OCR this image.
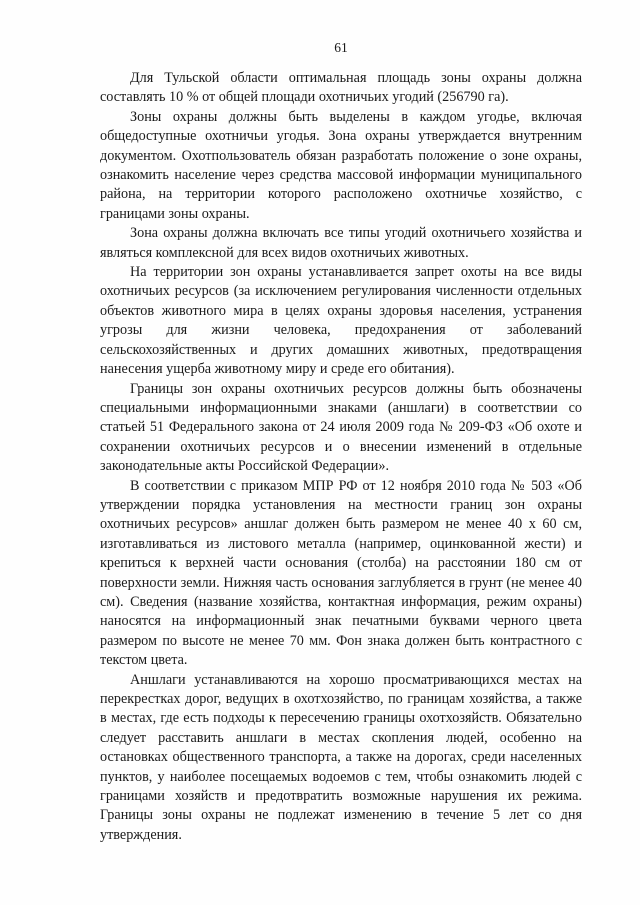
61

Для Тульской области оптимальная площадь зоны охраны должна составлять 10 % от общей площади охотничьих угодий (256790 га).

Зоны охраны должны быть выделены в каждом угодье, включая общедоступные охотничьи угодья. Зона охраны утверждается внутренним документом. Охотпользователь обязан разработать положение о зоне охраны, ознакомить население через средства массовой информации муниципального района, на территории которого расположено охотничье хозяйство, с границами зоны охраны.

Зона охраны должна включать все типы угодий охотничьего хозяйства и являться комплексной для всех видов охотничьих животных.

На территории зон охраны устанавливается запрет охоты на все виды охотничьих ресурсов (за исключением регулирования численности отдельных объектов животного мира в целях охраны здоровья населения, устранения угрозы для жизни человека, предохранения от заболеваний сельскохозяйственных и других домашних животных, предотвращения нанесения ущерба животному миру и среде его обитания).

Границы зон охраны охотничьих ресурсов должны быть обозначены специальными информационными знаками (аншлаги) в соответствии со статьей 51 Федерального закона от 24 июля 2009 года № 209-ФЗ «Об охоте и сохранении охотничьих ресурсов и о внесении изменений в отдельные законодательные акты Российской Федерации».

В соответствии с приказом МПР РФ от 12 ноября 2010 года № 503 «Об утверждении порядка установления на местности границ зон охраны охотничьих ресурсов» аншлаг должен быть размером не менее 40 х 60 см, изготавливаться из листового металла (например, оцинкованной жести) и крепиться к верхней части основания (столба) на расстоянии 180 см от поверхности земли. Нижняя часть основания заглубляется в грунт (не менее 40 см). Сведения (название хозяйства, контактная информация, режим охраны) наносятся на информационный знак печатными буквами черного цвета размером по высоте не менее 70 мм. Фон знака должен быть контрастного с текстом цвета.

Аншлаги устанавливаются на хорошо просматривающихся местах на перекрестках дорог, ведущих в охотхозяйство, по границам хозяйства, а также в местах, где есть подходы к пересечению границы охотхозяйств. Обязательно следует расставить аншлаги в местах скопления людей, особенно на остановках общественного транспорта, а также на дорогах, среди населенных пунктов, у наиболее посещаемых водоемов с тем, чтобы ознакомить людей с границами хозяйств и предотвратить возможные нарушения их режима. Границы зоны охраны не подлежат изменению в течение 5 лет со дня утверждения.
